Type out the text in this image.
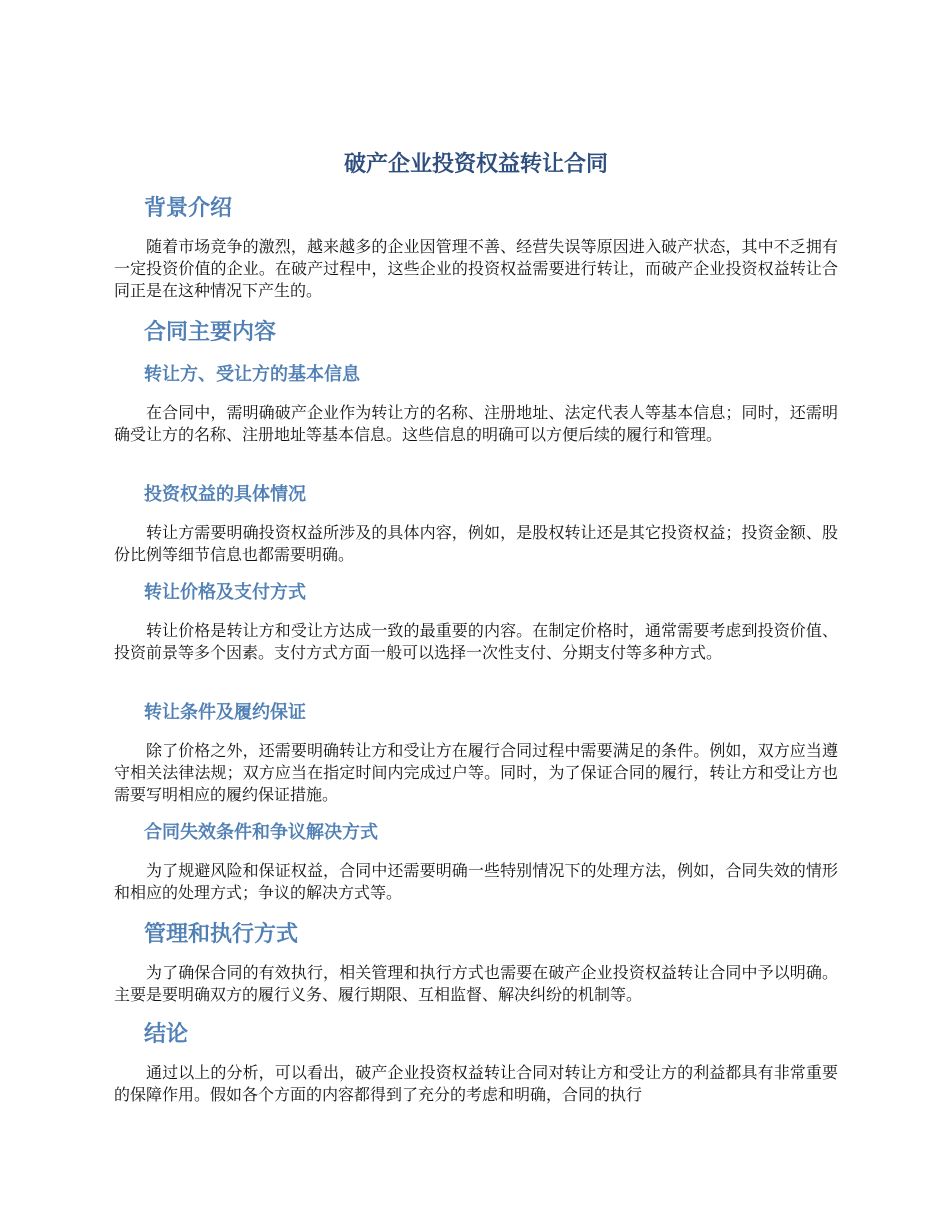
破产企业投资权益转让合同
背景介绍

随着市场竞争的激烈，越来越多的企业因管理不善、经营失误等原因进入破产状态，其中不乏拥有一定投资价值的企业。在破产过程中，这些企业的投资权益需要进行转让，而破产企业投资权益转让合同正是在这种情况下产生的。

合同主要内容
转让方、受让方的基本信息

在合同中，需明确破产企业作为转让方的名称、注册地址、法定代表人等基本信息；同时，还需明确受让方的名称、注册地址等基本信息。这些信息的明确可以方便后续的履行和管理。

投资权益的具体情况

转让方需要明确投资权益所涉及的具体内容，例如，是股权转让还是其它投资权益；投资金额、股份比例等细节信息也都需要明确。

转让价格及支付方式

转让价格是转让方和受让方达成一致的最重要的内容。在制定价格时，通常需要考虑到投资价值、投资前景等多个因素。支付方式方面一般可以选择一次性支付、分期支付等多种方式。

转让条件及履约保证

除了价格之外，还需要明确转让方和受让方在履行合同过程中需要满足的条件。例如，双方应当遵守相关法律法规；双方应当在指定时间内完成过户等。同时，为了保证合同的履行，转让方和受让方也需要写明相应的履约保证措施。

合同失效条件和争议解决方式

为了规避风险和保证权益，合同中还需要明确一些特别情况下的处理方法，例如，合同失效的情形和相应的处理方式；争议的解决方式等。

管理和执行方式

为了确保合同的有效执行，相关管理和执行方式也需要在破产企业投资权益转让合同中予以明确。主要是要明确双方的履行义务、履行期限、互相监督、解决纠纷的机制等。

结论

通过以上的分析，可以看出，破产企业投资权益转让合同对转让方和受让方的利益都具有非常重要的保障作用。假如各个方面的内容都得到了充分的考虑和明确，合同的执行
